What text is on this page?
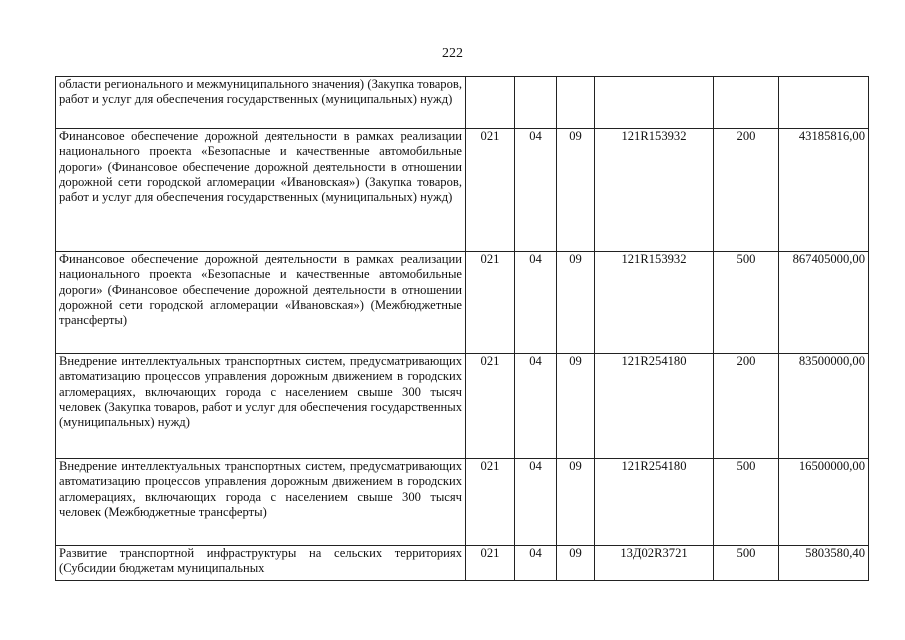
222
области регионального и межмуниципального значения) (Закупка товаров, работ и услуг для обеспечения государственных (муниципальных) нужд)						
Финансовое обеспечение дорожной деятельности в рамках реализации национального проекта «Безопасные и качественные автомобильные дороги» (Финансовое обеспечение дорожной деятельности в отношении дорожной сети городской агломерации «Ивановская») (Закупка товаров, работ и услуг для обеспечения государственных (муниципальных) нужд)	021	04	09	121R153932	200	43185816,00
Финансовое обеспечение дорожной деятельности в рамках реализации национального проекта «Безопасные и качественные автомобильные дороги» (Финансовое обеспечение дорожной деятельности в отношении дорожной сети городской агломерации «Ивановская») (Межбюджетные трансферты)	021	04	09	121R153932	500	867405000,00
Внедрение интеллектуальных транспортных систем, предусматривающих автоматизацию процессов управления дорожным движением в городских агломерациях, включающих города с населением свыше 300 тысяч человек (Закупка товаров, работ и услуг для обеспечения государственных (муниципальных) нужд)	021	04	09	121R254180	200	83500000,00
Внедрение интеллектуальных транспортных систем, предусматривающих автоматизацию процессов управления дорожным движением в городских агломерациях, включающих города с населением свыше 300 тысяч человек (Межбюджетные трансферты)	021	04	09	121R254180	500	16500000,00
Развитие транспортной инфраструктуры на сельских территориях (Субсидии бюджетам муниципальных	021	04	09	13Д02R3721	500	5803580,40
